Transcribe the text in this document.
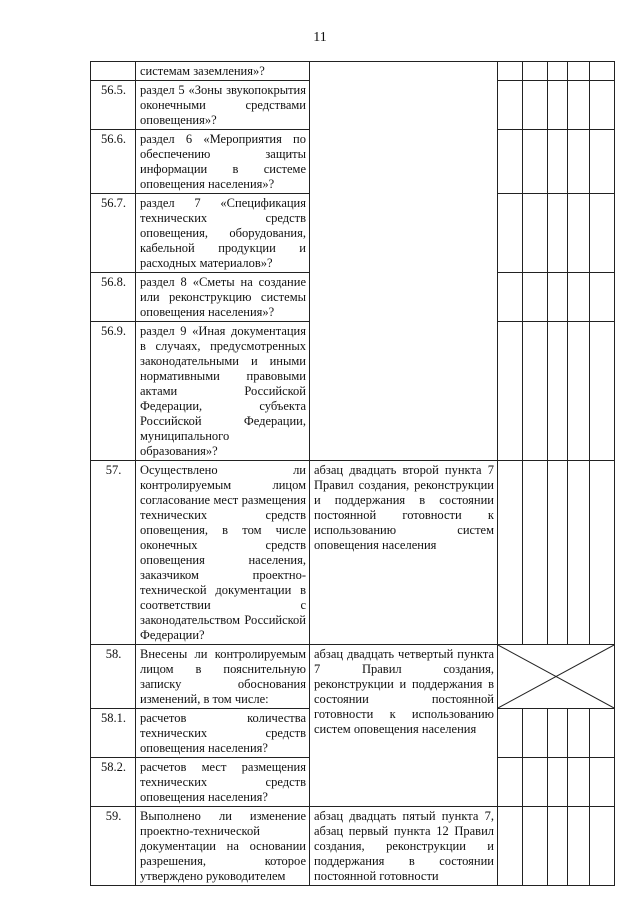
11
	системам заземления»?						
56.5.	раздел 5 «Зоны звукопокрытия оконечными средствами оповещения»?						
56.6.	раздел 6 «Мероприятия по обеспечению защиты информации в системе оповещения населения»?						
56.7.	раздел 7 «Спецификация технических средств оповещения, оборудования, кабельной продукции и расходных материалов»?						
56.8.	раздел 8 «Сметы на создание или реконструкцию системы оповещения населения»?						
56.9.	раздел 9 «Иная документация в случаях, предусмотренных законодательными и иными нормативными правовыми актами Российской Федерации, субъекта Российской Федерации, муниципального образования»?						
57.	Осуществлено ли контролируемым лицом согласование мест размещения технических средств оповещения, в том числе оконечных средств оповещения населения, заказчиком проектно-технической документации в соответствии с законодательством Российской Федерации?	абзац двадцать второй пункта 7 Правил создания, реконструкции и поддержания в состоянии постоянной готовности к использованию систем оповещения населения					
58.	Внесены ли контролируемым лицом в пояснительную записку обоснования изменений, в том числе:	абзац двадцать четвертый пункта 7 Правил создания, реконструкции и поддержания в состоянии постоянной готовности к использованию систем оповещения населения	

58.1.	расчетов количества технических средств оповещения населения?						
58.2.	расчетов мест размещения технических средств оповещения населения?						
59.	Выполнено ли изменение проектно-технической документации на основании разрешения, которое утверждено руководителем	абзац двадцать пятый пункта 7, абзац первый пункта 12 Правил создания, реконструкции и поддержания в состоянии постоянной готовности					
